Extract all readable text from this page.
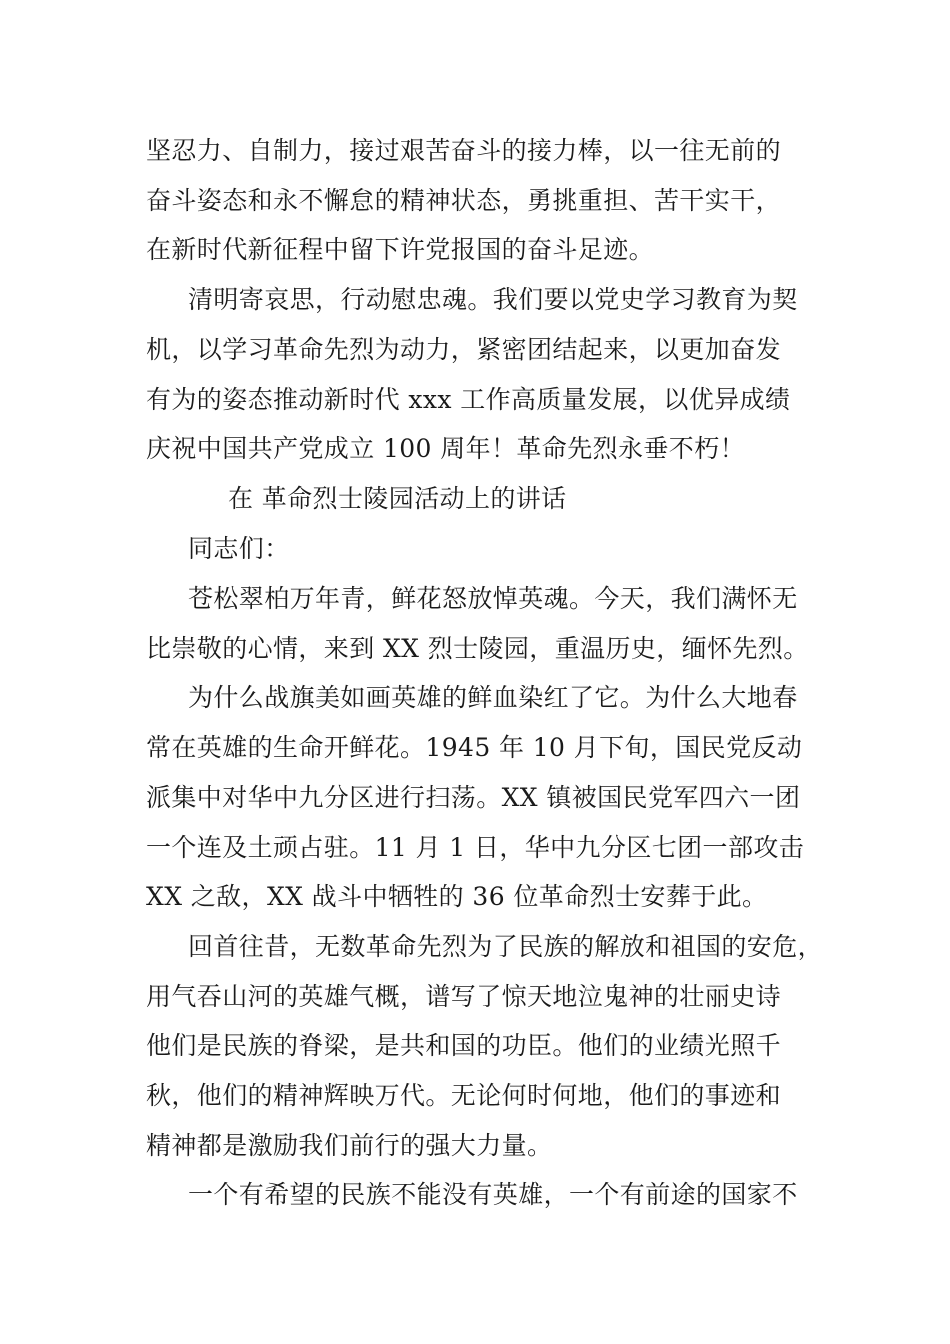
坚忍力、自制力，接过艰苦奋斗的接力棒，以一往无前的
奋斗姿态和永不懈怠的精神状态，勇挑重担、苦干实干，
在新时代新征程中留下许党报国的奋斗足迹。
清明寄哀思，行动慰忠魂。我们要以党史学习教育为契
机，以学习革命先烈为动力，紧密团结起来，以更加奋发
有为的姿态推动新时代 xxx 工作高质量发展，以优异成绩
庆祝中国共产党成立 100 周年！革命先烈永垂不朽！
在 革命烈士陵园活动上的讲话
同志们：
苍松翠柏万年青，鲜花怒放悼英魂。今天，我们满怀无
比崇敬的心情，来到 XX 烈士陵园，重温历史，缅怀先烈。
为什么战旗美如画英雄的鲜血染红了它。为什么大地春
常在英雄的生命开鲜花。1945 年 10 月下旬，国民党反动
派集中对华中九分区进行扫荡。XX 镇被国民党军四六一团
一个连及土顽占驻。11 月 1 日，华中九分区七团一部攻击
XX 之敌，XX 战斗中牺牲的 36 位革命烈士安葬于此。
回首往昔，无数革命先烈为了民族的解放和祖国的安危，
用气吞山河的英雄气概，谱写了惊天地泣鬼神的壮丽史诗
他们是民族的脊梁，是共和国的功臣。他们的业绩光照千
秋，他们的精神辉映万代。无论何时何地，他们的事迹和
精神都是激励我们前行的强大力量。
一个有希望的民族不能没有英雄，一个有前途的国家不
